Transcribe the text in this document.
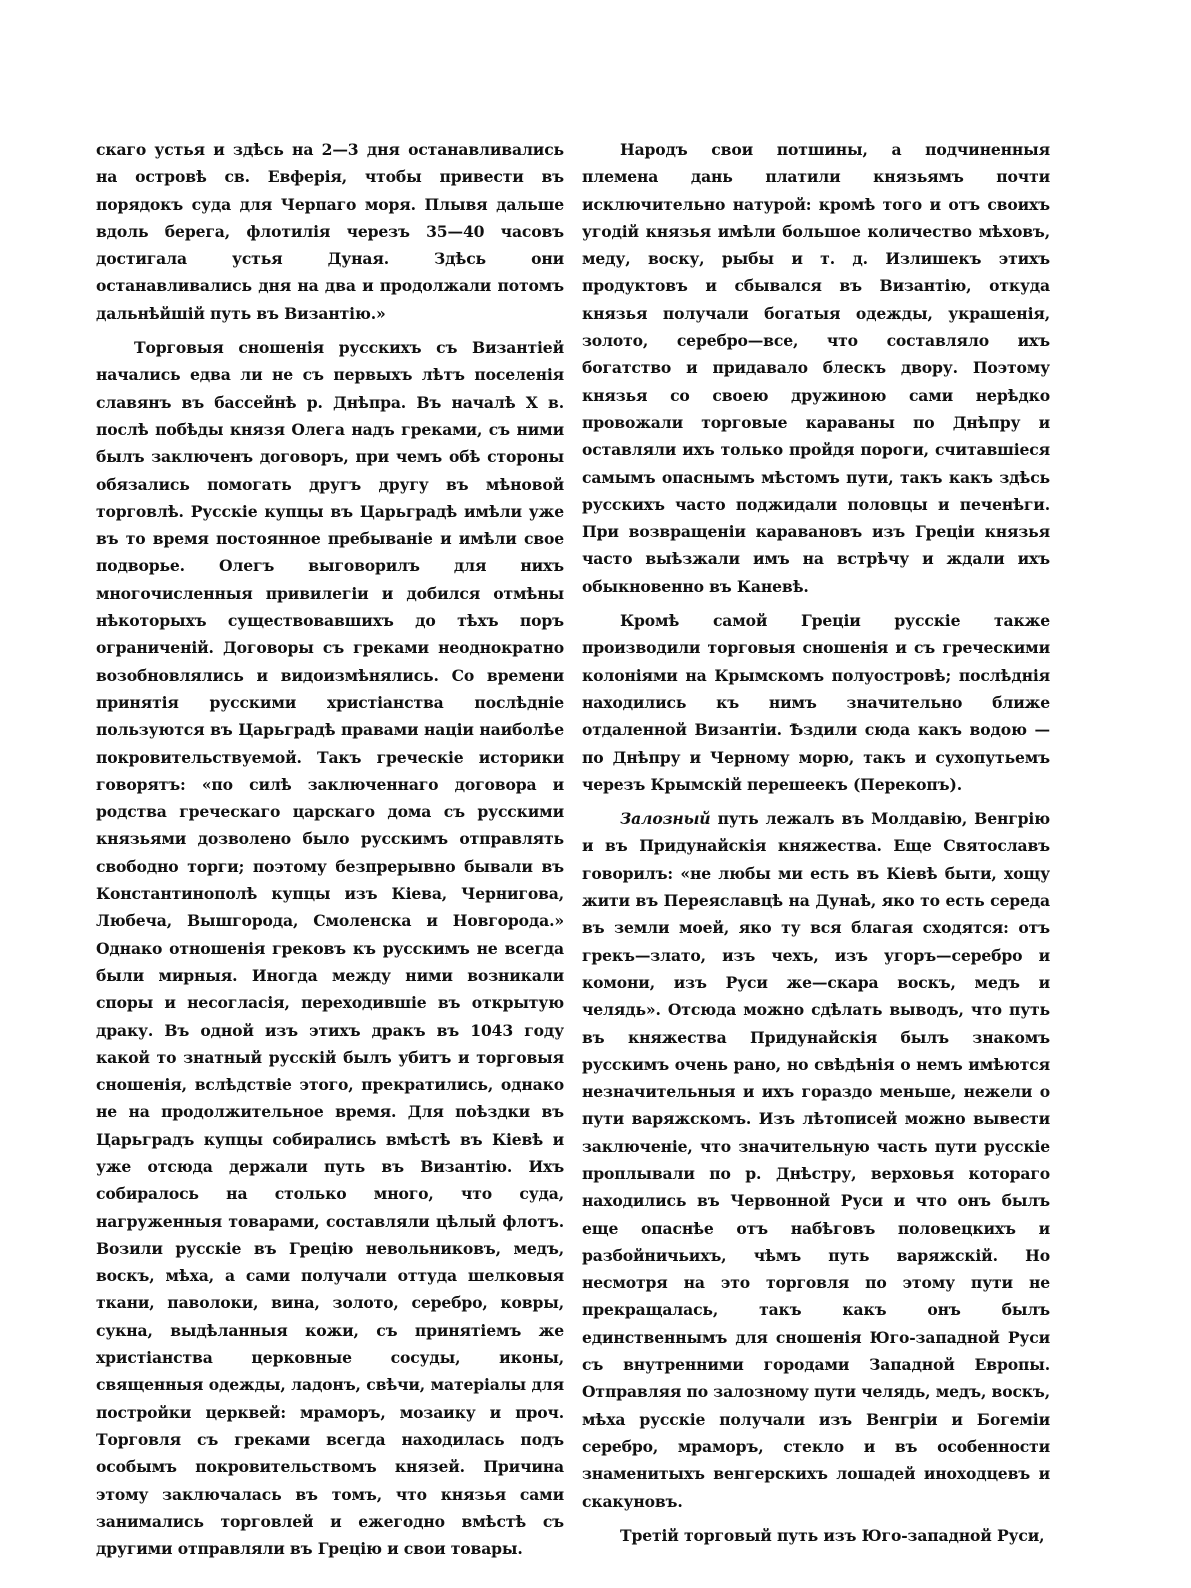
скаго устья и здѣсь на 2—3 дня останавливались на островѣ св. Евферія, чтобы привести въ порядокъ суда для Черпаго моря. Плывя дальше вдоль берега, флотилія черезъ 35—40 часовъ достигала устья Дуная. Здѣсь они останавливались дня на два и продолжали потомъ дальнѣйшій путь въ Византію.»

Торговыя сношенія русскихъ съ Византіей начались едва ли не съ первыхъ лѣтъ поселенія славянъ въ бассейнѣ р. Днѣпра. Въ началѣ X в. послѣ побѣды князя Олега надъ греками, съ ними былъ заключенъ договоръ, при чемъ обѣ стороны обязались помогать другъ другу въ мѣновой торговлѣ. Русскіе купцы въ Царьградѣ имѣли уже въ то время постоянное пребываніе и имѣли свое подворье. Олегъ выговорилъ для нихъ многочисленныя привилегіи и добился отмѣны нѣкоторыхъ существовавшихъ до тѣхъ поръ ограниченій. Договоры съ греками неоднократно возобновлялись и видоизмѣнялись. Со времени принятія русскими христіанства послѣдніе пользуются въ Царьградѣ правами націи наиболѣе покровительствуемой. Такъ греческіе историки говорятъ: «по силѣ заключеннаго договора и родства греческаго царскаго дома съ русскими князьями дозволено было русскимъ отправлять свободно торги; поэтому безпрерывно бывали въ Константинополѣ купцы изъ Кіева, Чернигова, Любеча, Вышгорода, Смоленска и Новгорода.» Однако отношенія грековъ къ русскимъ не всегда были мирныя. Иногда между ними возникали споры и несогласія, переходившіе въ открытую драку. Въ одной изъ этихъ дракъ въ 1043 году какой то знатный русскій былъ убитъ и торговыя сношенія, вслѣдствіе этого, прекратились, однако не на продолжительное время. Для поѣздки въ Царьградъ купцы собирались вмѣстѣ въ Кіевѣ и уже отсюда держали путь въ Византію. Ихъ собиралось на столько много, что суда, нагруженныя товарами, составляли цѣлый флотъ. Возили русскіе въ Грецію невольниковъ, медъ, воскъ, мѣха, а сами получали оттуда шелковыя ткани, паволоки, вина, золото, серебро, ковры, сукна, выдѣланныя кожи, съ принятіемъ же христіанства церковные сосуды, иконы, священныя одежды, ладонъ, свѣчи, матеріалы для постройки церквей: мраморъ, мозаику и проч. Торговля съ греками всегда находилась подъ особымъ покровительствомъ князей. Причина этому заключалась въ томъ, что князья сами занимались торговлей и ежегодно вмѣстѣ съ другими отправляли въ Грецію и свои товары.

Народъ свои потшины, а подчиненныя племена дань платили князьямъ почти исключительно натурой: кромѣ того и отъ своихъ угодій князья имѣли большое количество мѣховъ, меду, воску, рыбы и т. д. Излишекъ этихъ продуктовъ и сбывался въ Византію, откуда князья получали богатыя одежды, украшенія, золото, серебро—все, что составляло ихъ богатство и придавало блескъ двору. Поэтому князья со своею дружиною сами нерѣдко провожали торговые караваны по Днѣпру и оставляли ихъ только пройдя пороги, считавшіеся самымъ опаснымъ мѣстомъ пути, такъ какъ здѣсь русскихъ часто поджидали половцы и печенѣги. При возвращеніи каравановъ изъ Греціи князья часто выѣзжали имъ на встрѣчу и ждали ихъ обыкновенно въ Каневѣ.

Кромѣ самой Греціи русскіе также производили торговыя сношенія и съ греческими колоніями на Крымскомъ полуостровѣ; послѣднія находились къ нимъ значительно ближе отдаленной Византіи. Ѣздили сюда какъ водою — по Днѣпру и Черному морю, такъ и сухопутьемъ черезъ Крымскій перешеекъ (Перекопъ).

Залозный путь лежалъ въ Молдавію, Венгрію и въ Придунайскія княжества. Еще Святославъ говорилъ: «не любы ми есть въ Кіевѣ быти, хощу жити въ Переяславцѣ на Дунаѣ, яко то есть середа въ земли моей, яко ту вся благая сходятся: отъ грекъ—злато, изъ чехъ, изъ угоръ—серебро и комони, изъ Руси же—скара воскъ, медъ и челядь». Отсюда можно сдѣлать выводъ, что путь въ княжества Придунайскія былъ знакомъ русскимъ очень рано, но свѣдѣнія о немъ имѣются незначительныя и ихъ гораздо меньше, нежели о пути варяжскомъ. Изъ лѣтописей можно вывести заключеніе, что значительную часть пути русскіе проплывали по р. Днѣстру, верховья котораго находились въ Червонной Руси и что онъ былъ еще опаснѣе отъ набѣговъ половецкихъ и разбойничьихъ, чѣмъ путь варяжскій. Но несмотря на это торговля по этому пути не прекращалась, такъ какъ онъ былъ единственнымъ для сношенія Юго-западной Руси съ внутренними городами Западной Европы. Отправляя по залозному пути челядь, медъ, воскъ, мѣха русскіе получали изъ Венгріи и Богеміи серебро, мраморъ, стекло и въ особенности знаменитыхъ венгерскихъ лошадей иноходцевъ и скакуновъ.

Третій торговый путь изъ Юго-западной Руси,
